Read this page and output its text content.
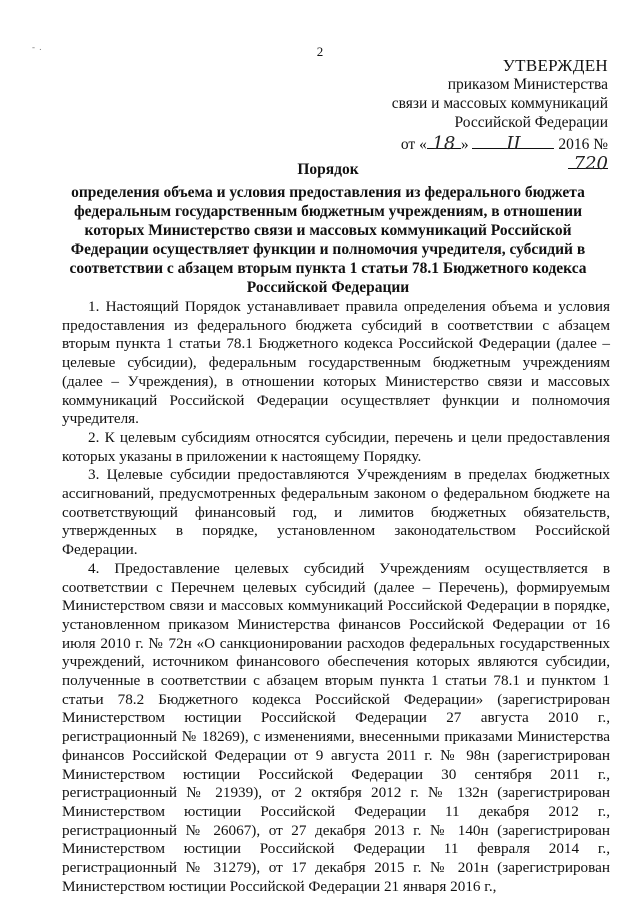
- .	2
УТВЕРЖДЕН
приказом Министерства
связи и массовых коммуникаций
Российской Федерации
от « 18 » II 2016 № 720
Порядок
определения объема и условия предоставления из федерального бюджета федеральным государственным бюджетным учреждениям, в отношении которых Министерство связи и массовых коммуникаций Российской Федерации осуществляет функции и полномочия учредителя, субсидий в соответствии с абзацем вторым пункта 1 статьи 78.1 Бюджетного кодекса Российской Федерации

1. Настоящий Порядок устанавливает правила определения объема и условия предоставления из федерального бюджета субсидий в соответствии с абзацем вторым пункта 1 статьи 78.1 Бюджетного кодекса Российской Федерации (далее – целевые субсидии), федеральным государственным бюджетным учреждениям (далее – Учреждения), в отношении которых Министерство связи и массовых коммуникаций Российской Федерации осуществляет функции и полномочия учредителя.

2. К целевым субсидиям относятся субсидии, перечень и цели предоставления которых указаны в приложении к настоящему Порядку.

3. Целевые субсидии предоставляются Учреждениям в пределах бюджетных ассигнований, предусмотренных федеральным законом о федеральном бюджете на соответствующий финансовый год, и лимитов бюджетных обязательств, утвержденных в порядке, установленном законодательством Российской Федерации.

4. Предоставление целевых субсидий Учреждениям осуществляется в соответствии с Перечнем целевых субсидий (далее – Перечень), формируемым Министерством связи и массовых коммуникаций Российской Федерации в порядке, установленном приказом Министерства финансов Российской Федерации от 16 июля 2010 г. № 72н «О санкционировании расходов федеральных государственных учреждений, источником финансового обеспечения которых являются субсидии, полученные в соответствии с абзацем вторым пункта 1 статьи 78.1 и пунктом 1 статьи 78.2 Бюджетного кодекса Российской Федерации» (зарегистрирован Министерством юстиции Российской Федерации 27 августа 2010 г., регистрационный № 18269), с изменениями, внесенными приказами Министерства финансов Российской Федерации от 9 августа 2011 г. № 98н (зарегистрирован Министерством юстиции Российской Федерации 30 сентября 2011 г., регистрационный № 21939), от 2 октября 2012 г. № 132н (зарегистрирован Министерством юстиции Российской Федерации 11 декабря 2012 г., регистрационный № 26067), от 27 декабря 2013 г. № 140н (зарегистрирован Министерством юстиции Российской Федерации 11 февраля 2014 г., регистрационный № 31279), от 17 декабря 2015 г. № 201н (зарегистрирован Министерством юстиции Российской Федерации 21 января 2016 г.,
